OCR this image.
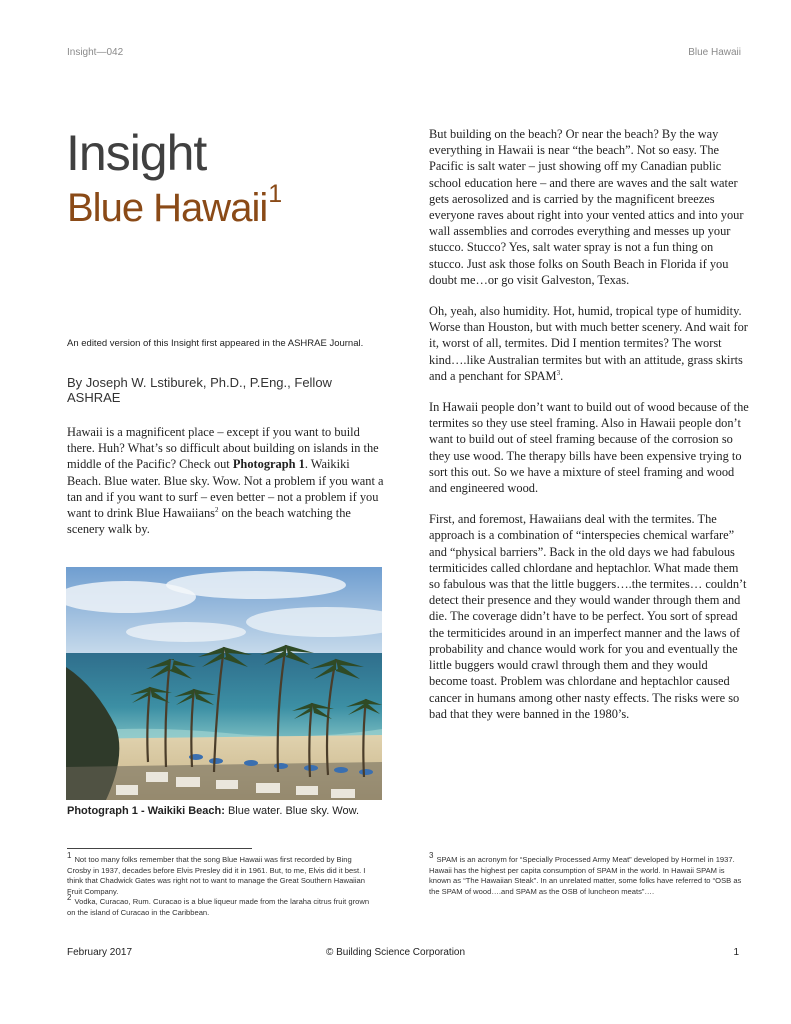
Insight—042	Blue Hawaii
Insight
Blue Hawaii$^1$
An edited version of this Insight first appeared in the ASHRAE Journal.
By Joseph W. Lstiburek, Ph.D., P.Eng., Fellow ASHRAE

Hawaii is a magnificent place – except if you want to build there. Huh? What’s so difficult about building on islands in the middle of the Pacific? Check out Photograph 1. Waikiki Beach. Blue water. Blue sky. Wow. Not a problem if you want a tan and if you want to surf – even better – not a problem if you want to drink Blue Hawaiians$^2$ on the beach watching the scenery walk by.

Photograph 1 - Waikiki Beach: Blue water. Blue sky. Wow.

But building on the beach? Or near the beach? By the way everything in Hawaii is near “the beach”. Not so easy. The Pacific is salt water – just showing off my Canadian public school education here – and there are waves and the salt water gets aerosolized and is carried by the magnificent breezes everyone raves about right into your vented attics and into your wall assemblies and corrodes everything and messes up your stucco. Stucco? Yes, salt water spray is not a fun thing on stucco. Just ask those folks on South Beach in Florida if you doubt me…or go visit Galveston, Texas.

Oh, yeah, also humidity. Hot, humid, tropical type of humidity. Worse than Houston, but with much better scenery. And wait for it, worst of all, termites. Did I mention termites? The worst kind….like Australian termites but with an attitude, grass skirts and a penchant for SPAM$^3$.

In Hawaii people don’t want to build out of wood because of the termites so they use steel framing. Also in Hawaii people don’t want to build out of steel framing because of the corrosion so they use wood. The therapy bills have been expensive trying to sort this out. So we have a mixture of steel framing and wood and engineered wood.

First, and foremost, Hawaiians deal with the termites. The approach is a combination of “interspecies chemical warfare” and “physical barriers”. Back in the old days we had fabulous termiticides called chlordane and heptachlor. What made them so fabulous was that the little buggers….the termites… couldn’t detect their presence and they would wander through them and die. The coverage didn’t have to be perfect. You sort of spread the termiticides around in an imperfect manner and the laws of probability and chance would work for you and eventually the little buggers would crawl through them and they would become toast. Problem was chlordane and heptachlor caused cancer in humans among other nasty effects. The risks were so bad that they were banned in the 1980’s.

1 Not too many folks remember that the song Blue Hawaii was first recorded by Bing Crosby in 1937, decades before Elvis Presley did it in 1961. But, to me, Elvis did it best. I think that Chadwick Gates was right not to want to manage the Great Southern Hawaiian Fruit Company.
2 Vodka, Curacao, Rum. Curacao is a blue liqueur made from the laraha citrus fruit grown on the island of Curacao in the Caribbean.
3 SPAM is an acronym for “Specially Processed Army Meat” developed by Hormel in 1937. Hawaii has the highest per capita consumption of SPAM in the world. In Hawaii SPAM is known as “The Hawaiian Steak”. In an unrelated matter, some folks have referred to “OSB as the SPAM of wood….and SPAM as the OSB of luncheon meats”….
February 2017	© Building Science Corporation	1
